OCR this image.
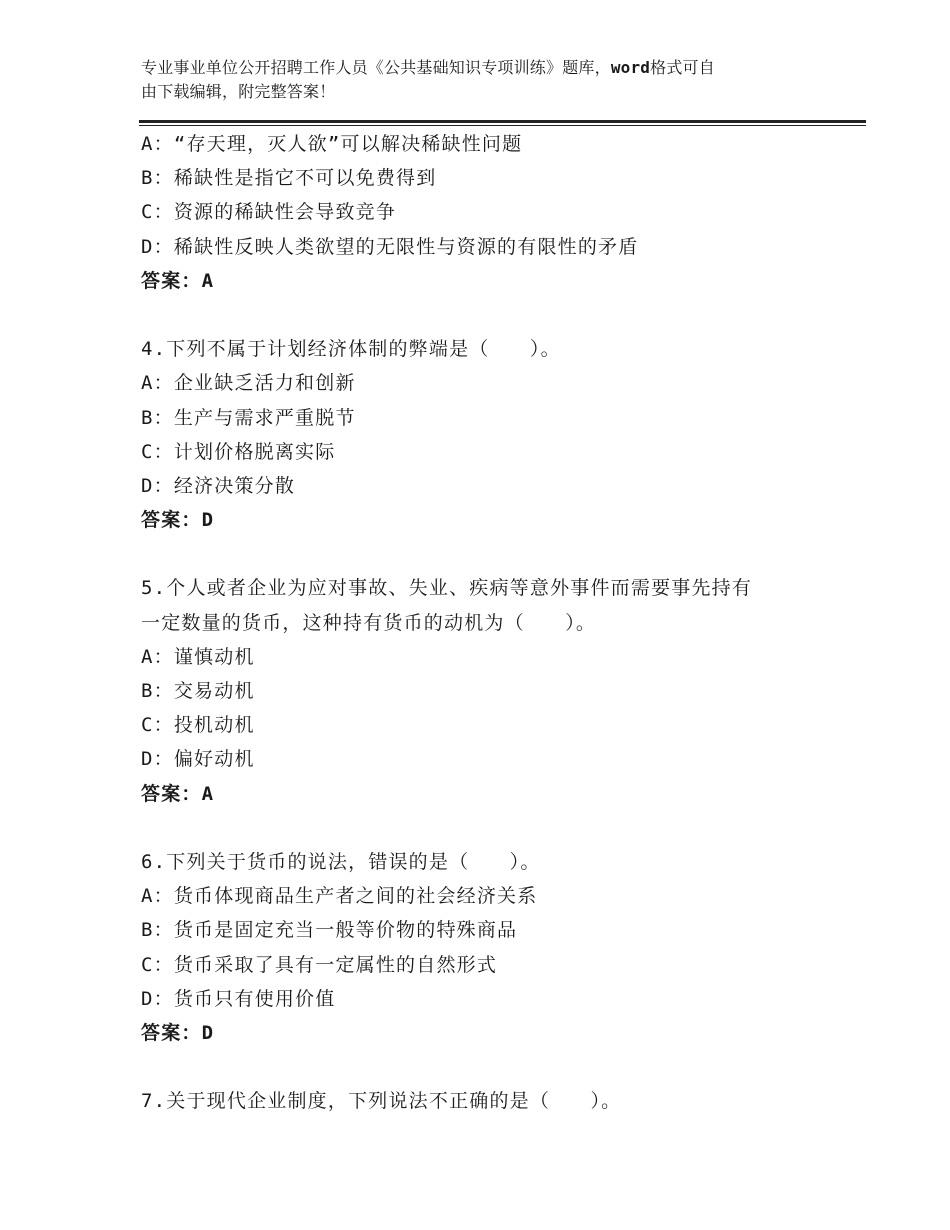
专业事业单位公开招聘工作人员《公共基础知识专项训练》题库，word格式可自
由下载编辑，附完整答案！
A：“存天理，灭人欲”可以解决稀缺性问题
B：稀缺性是指它不可以免费得到
C：资源的稀缺性会导致竞争
D：稀缺性反映人类欲望的无限性与资源的有限性的矛盾
答案：A
4.下列不属于计划经济体制的弊端是（　　）。
A：企业缺乏活力和创新
B：生产与需求严重脱节
C：计划价格脱离实际
D：经济决策分散
答案：D
5.个人或者企业为应对事故、失业、疾病等意外事件而需要事先持有
一定数量的货币，这种持有货币的动机为（　　）。
A：谨慎动机
B：交易动机
C：投机动机
D：偏好动机
答案：A
6.下列关于货币的说法，错误的是（　　）。
A：货币体现商品生产者之间的社会经济关系
B：货币是固定充当一般等价物的特殊商品
C：货币采取了具有一定属性的自然形式
D：货币只有使用价值
答案：D
7.关于现代企业制度，下列说法不正确的是（　　）。
